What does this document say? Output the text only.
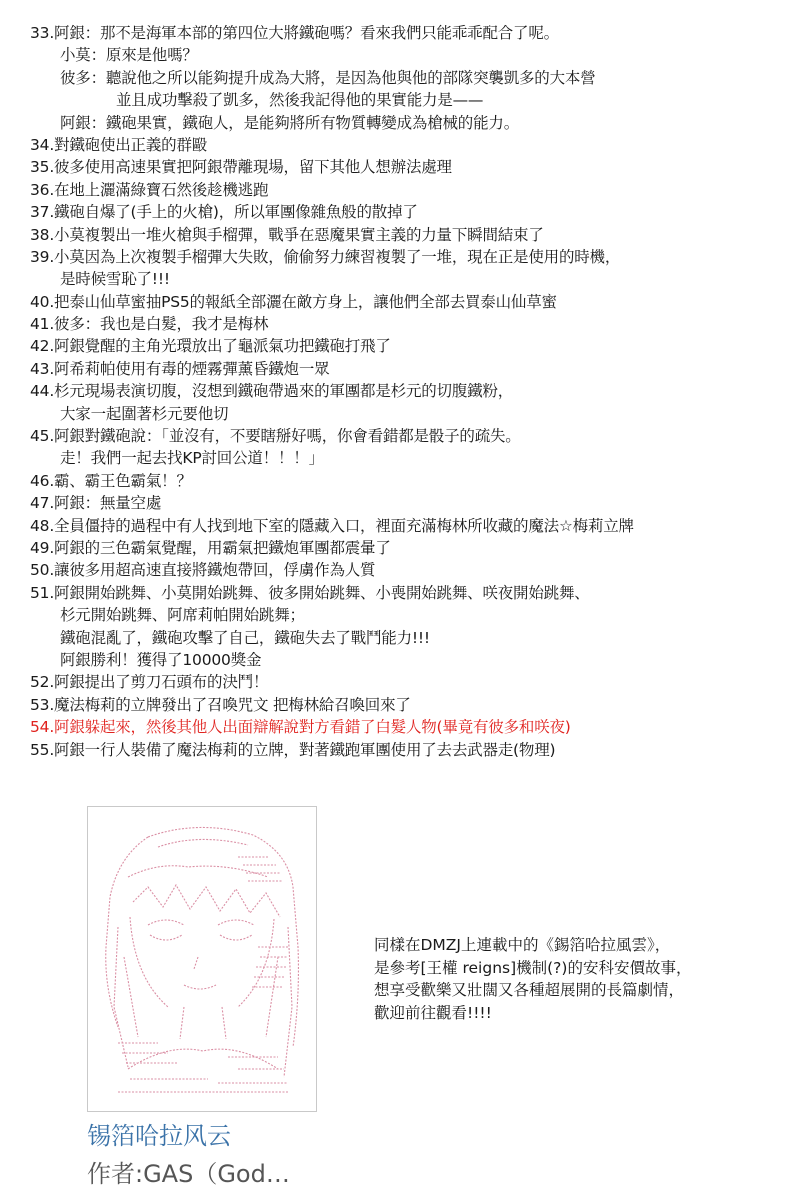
33.阿銀：那不是海軍本部的第四位大將鐵砲嗎？看來我們只能乖乖配合了呢。
小莫：原來是他嗎？
彼多：聽說他之所以能夠提升成為大將，是因為他與他的部隊突襲凱多的大本營
並且成功擊殺了凱多，然後我記得他的果實能力是——
阿銀：鐵砲果實，鐵砲人，是能夠將所有物質轉變成為槍械的能力。
34.對鐵砲使出正義的群毆
35.彼多使用高速果實把阿銀帶離現場，留下其他人想辦法處理
36.在地上灑滿綠寶石然後趁機逃跑
37.鐵砲自爆了(手上的火槍)，所以軍團像雜魚般的散掉了
38.小莫複製出一堆火槍與手榴彈，戰爭在惡魔果實主義的力量下瞬間結束了
39.小莫因為上次複製手榴彈大失敗，偷偷努力練習複製了一堆，現在正是使用的時機，
是時候雪恥了!!!
40.把泰山仙草蜜抽PS5的報紙全部灑在敵方身上，讓他們全部去買泰山仙草蜜
41.彼多：我也是白髮，我才是梅林
42.阿銀覺醒的主角光環放出了龜派氣功把鐵砲打飛了
43.阿希莉帕使用有毒的煙霧彈薰昏鐵炮一眾
44.杉元現場表演切腹，沒想到鐵砲帶過來的軍團都是杉元的切腹鐵粉，
大家一起圍著杉元要他切
45.阿銀對鐵砲說：「並沒有，不要瞎掰好嗎，你會看錯都是骰子的疏失。
走！我們一起去找KP討回公道！！！」
46.霸、霸王色霸氣！？
47.阿銀：無量空處
48.全員僵持的過程中有人找到地下室的隱藏入口，裡面充滿梅林所收藏的魔法☆梅莉立牌
49.阿銀的三色霸氣覺醒，用霸氣把鐵炮軍團都震暈了
50.讓彼多用超高速直接將鐵炮帶回，俘虜作為人質
51.阿銀開始跳舞、小莫開始跳舞、彼多開始跳舞、小喪開始跳舞、咲夜開始跳舞、
杉元開始跳舞、阿席莉帕開始跳舞；
鐵砲混亂了，鐵砲攻擊了自己，鐵砲失去了戰鬥能力!!!
阿銀勝利！獲得了10000獎金
52.阿銀提出了剪刀石頭布的決鬥！
53.魔法梅莉的立牌發出了召喚咒文 把梅林給召喚回來了
54.阿銀躲起來，然後其他人出面辯解說對方看錯了白髮人物(畢竟有彼多和咲夜)
55.阿銀一行人裝備了魔法梅莉的立牌，對著鐵跑軍團使用了去去武器走(物理)
同樣在DMZJ上連載中的《錫箔哈拉風雲》，
是參考[王權 reigns]機制(?)的安科安價故事，
想享受歡樂又壯闊又各種超展開的長篇劇情，
歡迎前往觀看!!!!
锡箔哈拉风云
作者:GAS（God…
